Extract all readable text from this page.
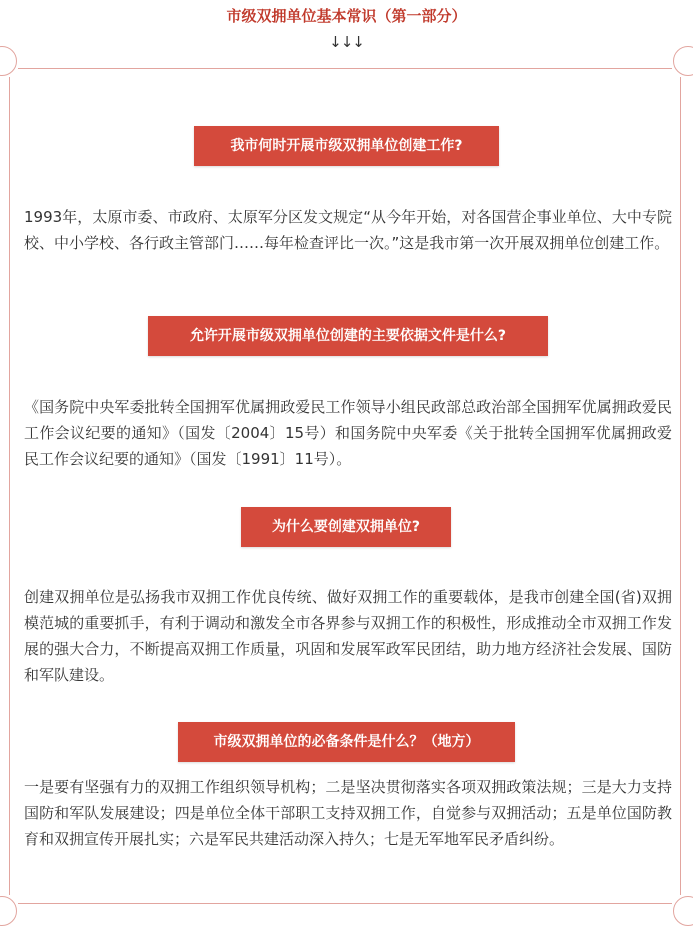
市级双拥单位基本常识（第一部分）
↓↓↓
我市何时开展市级双拥单位创建工作?

1993年，太原市委、市政府、太原军分区发文规定“从今年开始，对各国营企事业单位、大中专院校、中小学校、各行政主管部门……每年检查评比一次。”这是我市第一次开展双拥单位创建工作。

允许开展市级双拥单位创建的主要依据文件是什么?

《国务院中央军委批转全国拥军优属拥政爱民工作领导小组民政部总政治部全国拥军优属拥政爱民工作会议纪要的通知》（国发〔2004〕15号）和国务院中央军委《关于批转全国拥军优属拥政爱民工作会议纪要的通知》（国发〔1991〕11号）。

为什么要创建双拥单位?

创建双拥单位是弘扬我市双拥工作优良传统、做好双拥工作的重要载体，是我市创建全国(省)双拥模范城的重要抓手，有利于调动和激发全市各界参与双拥工作的积极性，形成推动全市双拥工作发展的强大合力，不断提高双拥工作质量，巩固和发展军政军民团结，助力地方经济社会发展、国防和军队建设。

市级双拥单位的必备条件是什么？（地方）

一是要有坚强有力的双拥工作组织领导机构；二是坚决贯彻落实各项双拥政策法规；三是大力支持国防和军队发展建设；四是单位全体干部职工支持双拥工作，自觉参与双拥活动；五是单位国防教育和双拥宣传开展扎实；六是军民共建活动深入持久；七是无军地军民矛盾纠纷。
